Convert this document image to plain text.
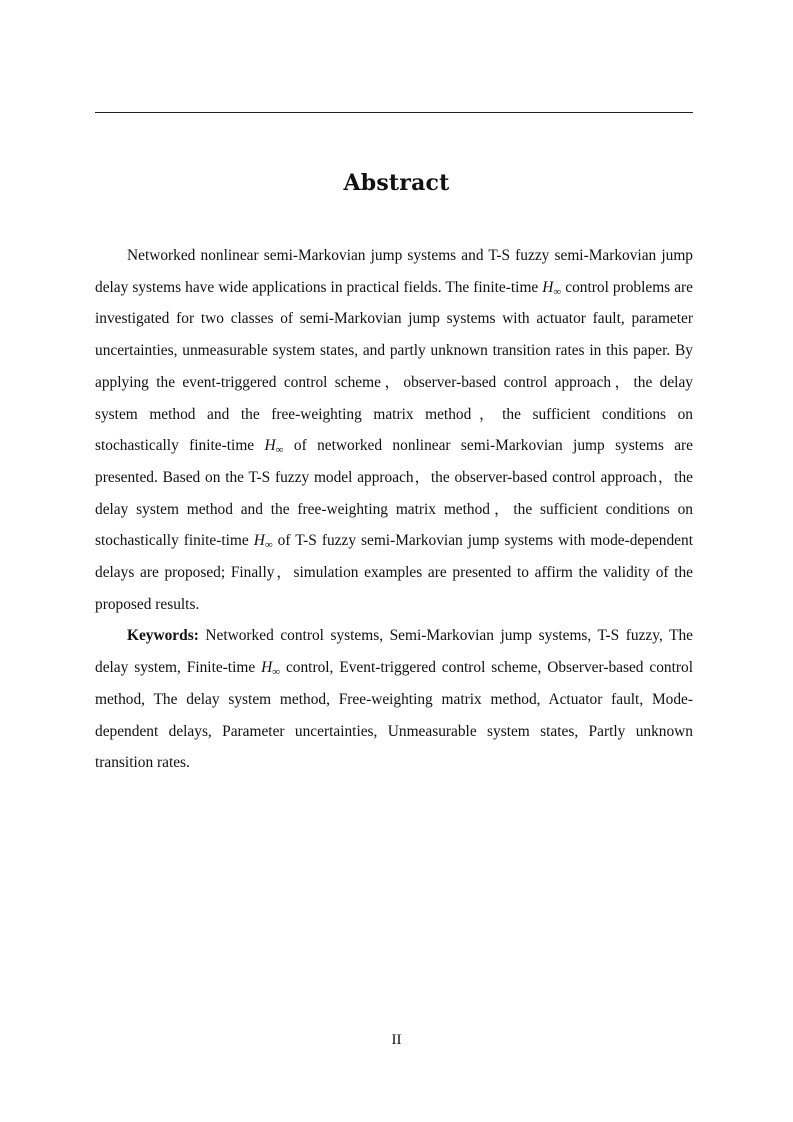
Abstract

Networked nonlinear semi-Markovian jump systems and T-S fuzzy semi-Markovian jump delay systems have wide applications in practical fields. The finite-time $H_\infty$ control problems are investigated for two classes of semi-Markovian jump systems with actuator fault, parameter uncertainties, unmeasurable system states, and partly unknown transition rates in this paper. By applying the event-triggered control scheme，observer-based control approach，the delay system method and the free-weighting matrix method，the sufficient conditions on stochastically finite-time $H_\infty$ of networked nonlinear semi-Markovian jump systems are presented. Based on the T-S fuzzy model approach，the observer-based control approach，the delay system method and the free-weighting matrix method，the sufficient conditions on stochastically finite-time $H_\infty$ of T-S fuzzy semi-Markovian jump systems with mode-dependent delays are proposed; Finally，simulation examples are presented to affirm the validity of the proposed results.

Keywords: Networked control systems, Semi-Markovian jump systems, T-S fuzzy, The delay system, Finite-time $H_\infty$ control, Event-triggered control scheme, Observer-based control method, The delay system method, Free-weighting matrix method, Actuator fault, Mode-dependent delays, Parameter uncertainties, Unmeasurable system states, Partly unknown transition rates.

II
